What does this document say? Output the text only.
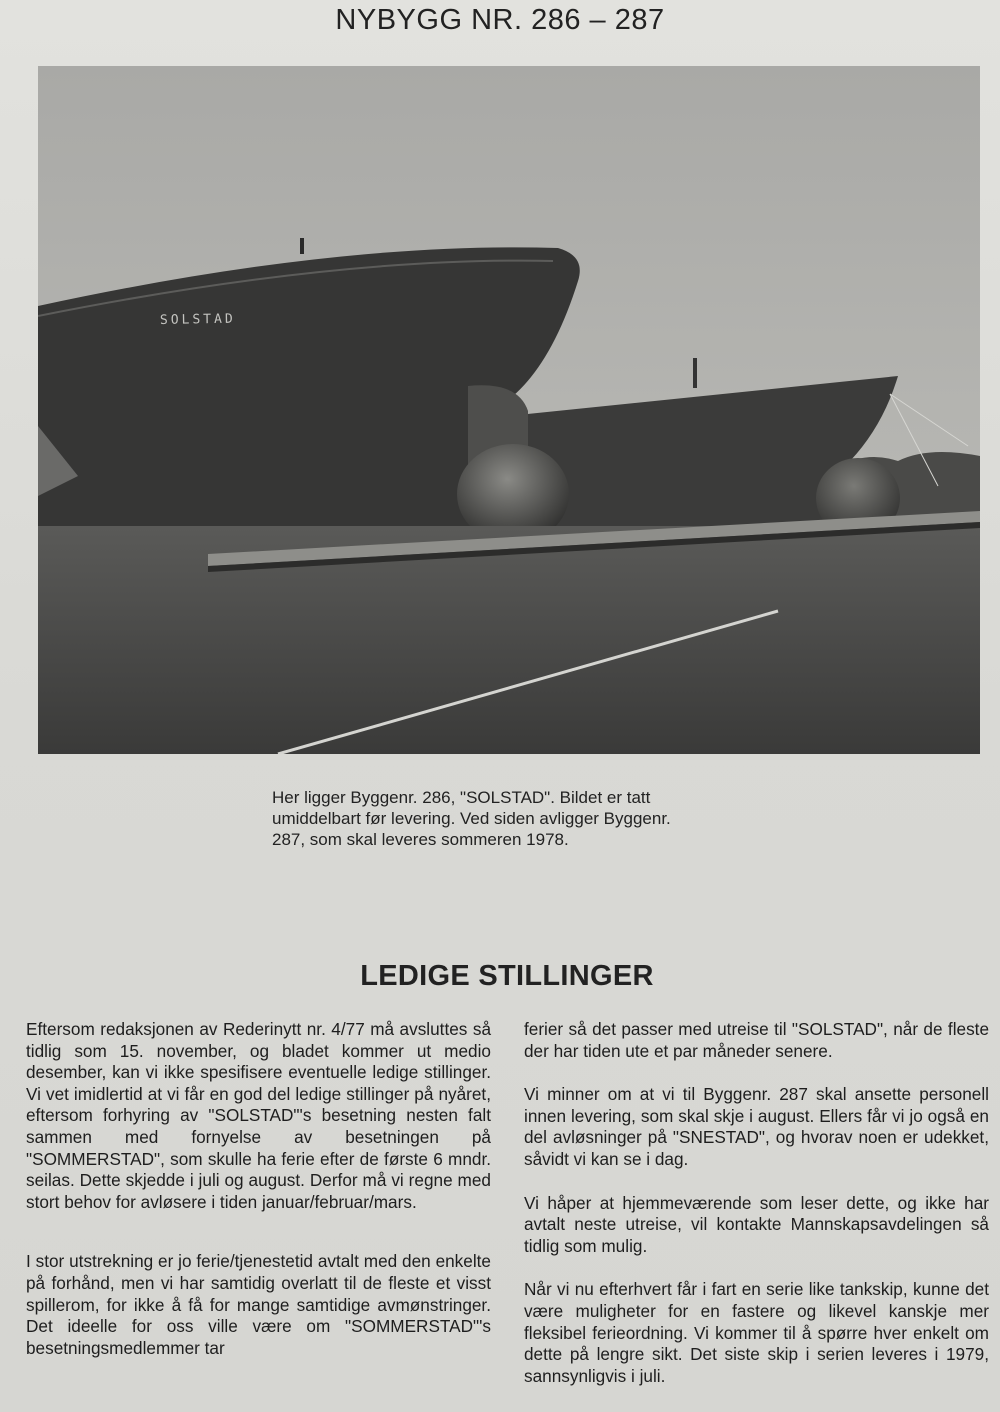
NYBYGG NR. 286 – 287
SOLSTAD

Her ligger Byggenr. 286, "SOLSTAD". Bildet er tatt

umiddelbart før levering. Ved siden avligger Byggenr.

287, som skal leveres sommeren 1978.

LEDIGE STILLINGER

Eftersom redaksjonen av Rederinytt nr. 4/77 må avsluttes så tidlig som 15. november, og bladet kommer ut medio desember, kan vi ikke spesifisere eventuelle ledige stillinger. Vi vet imidlertid at vi får en god del ledige stillinger på nyåret, eftersom forhyring av "SOLSTAD"'s besetning nesten falt sammen med fornyelse av besetningen på "SOMMERSTAD", som skulle ha ferie efter de første 6 mndr. seilas. Dette skjedde i juli og august. Derfor må vi regne med stort behov for avløsere i tiden januar/februar/mars.

I stor utstrekning er jo ferie/tjenestetid avtalt med den enkelte på forhånd, men vi har samtidig overlatt til de fleste et visst spillerom, for ikke å få for mange samtidige avmønstringer. Det ideelle for oss ville være om "SOMMERSTAD"'s besetningsmedlemmer tar

ferier så det passer med utreise til "SOLSTAD", når de fleste der har tiden ute et par måneder senere.

Vi minner om at vi til Byggenr. 287 skal ansette personell innen levering, som skal skje i august. Ellers får vi jo også en del avløsninger på "SNESTAD", og hvorav noen er udekket, såvidt vi kan se i dag.

Vi håper at hjemmeværende som leser dette, og ikke har avtalt neste utreise, vil kontakte Mannskapsavdelingen så tidlig som mulig.

Når vi nu efterhvert får i fart en serie like tankskip, kunne det være muligheter for en fastere og likevel kanskje mer fleksibel ferieordning. Vi kommer til å spørre hver enkelt om dette på lengre sikt. Det siste skip i serien leveres i 1979, sannsynligvis i juli.
